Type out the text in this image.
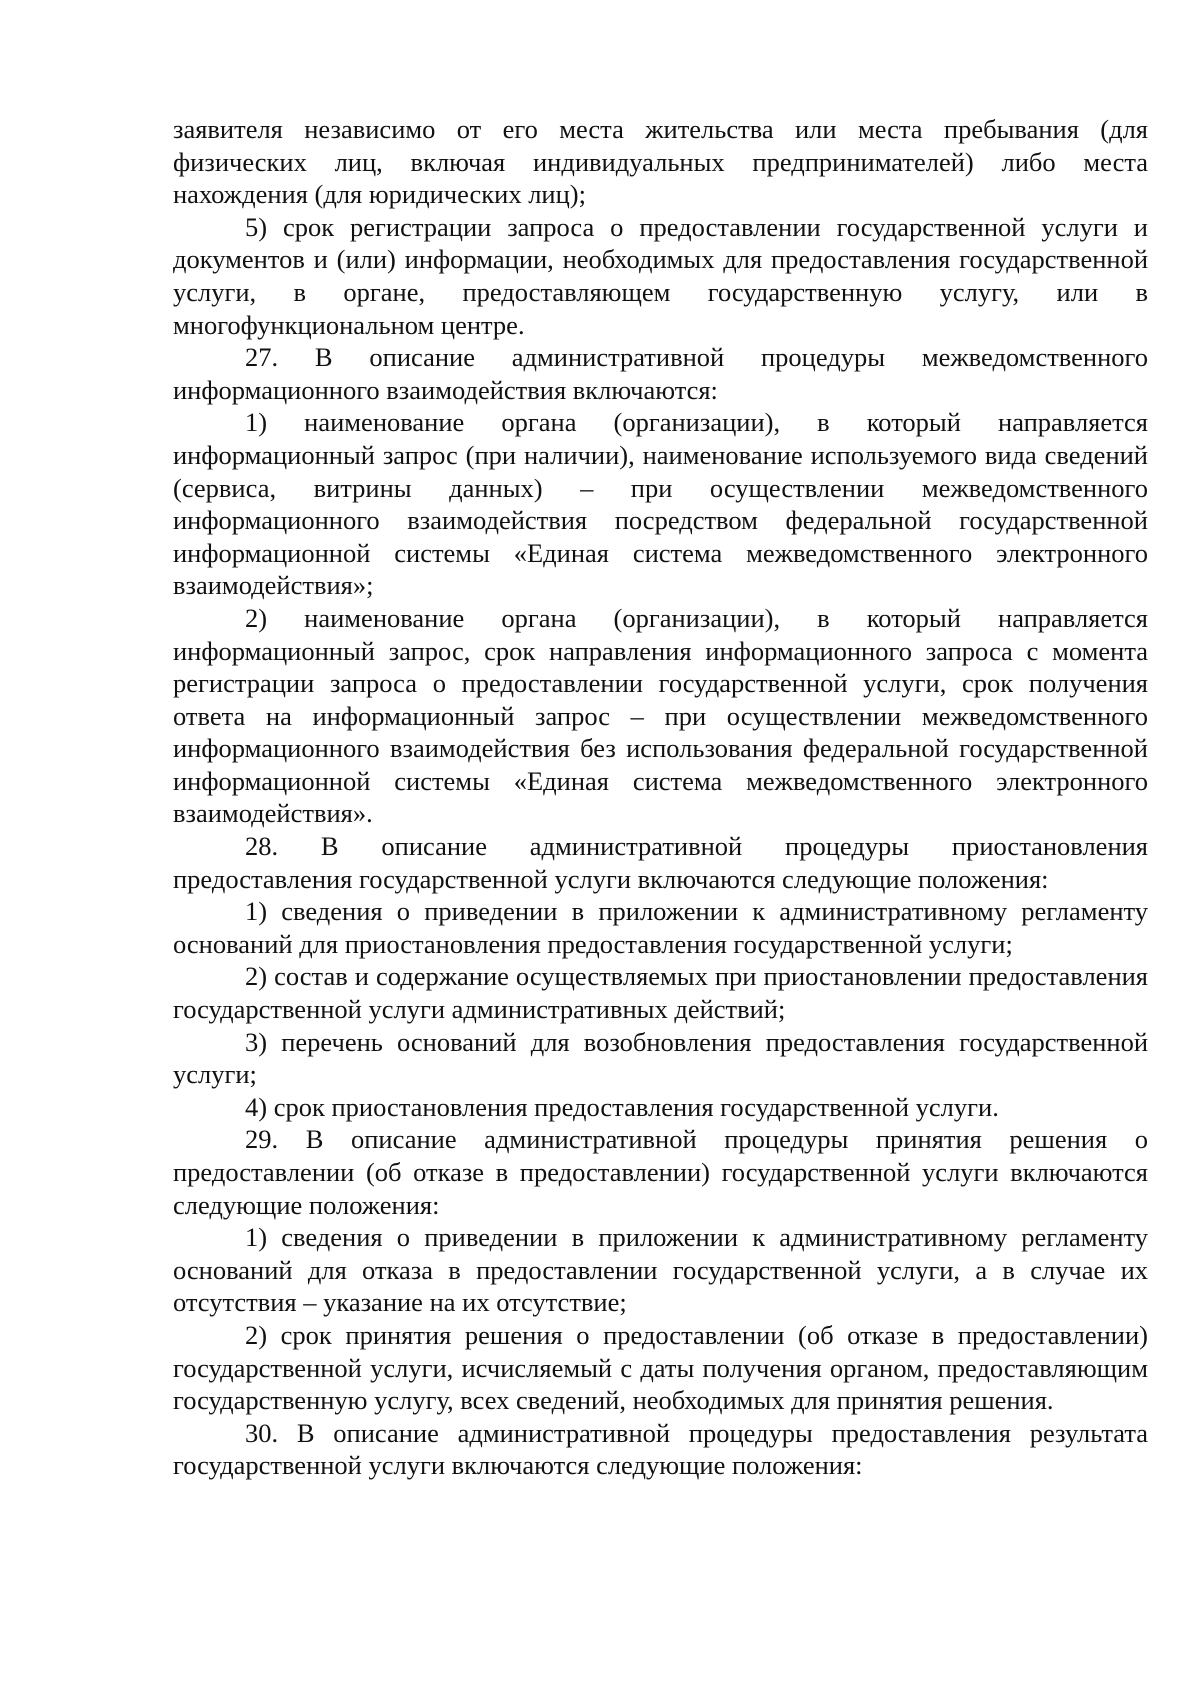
заявителя независимо от его места жительства или места пребывания (для физических лиц, включая индивидуальных предпринимателей) либо места нахождения (для юридических лиц);

5) срок регистрации запроса о предоставлении государственной услуги и документов и (или) информации, необходимых для предоставления государственной услуги, в органе, предоставляющем государственную услугу, или в многофункциональном центре.

27. В описание административной процедуры межведомственного информационного взаимодействия включаются:

1) наименование органа (организации), в который направляется информационный запрос (при наличии), наименование используемого вида сведений (сервиса, витрины данных) – при осуществлении межведомственного информационного взаимодействия посредством федеральной государственной информационной системы «Единая система межведомственного электронного взаимодействия»;

2) наименование органа (организации), в который направляется информационный запрос, срок направления информационного запроса с момента регистрации запроса о предоставлении государственной услуги, срок получения ответа на информационный запрос – при осуществлении межведомственного информационного взаимодействия без использования федеральной государственной информационной системы «Единая система межведомственного электронного взаимодействия».

28. В описание административной процедуры приостановления предоставления государственной услуги включаются следующие положения:

1) сведения о приведении в приложении к административному регламенту оснований для приостановления предоставления государственной услуги;

2) состав и содержание осуществляемых при приостановлении предоставления государственной услуги административных действий;

3) перечень оснований для возобновления предоставления государственной услуги;

4) срок приостановления предоставления государственной услуги.

29. В описание административной процедуры принятия решения о предоставлении (об отказе в предоставлении) государственной услуги включаются следующие положения:

1) сведения о приведении в приложении к административному регламенту оснований для отказа в предоставлении государственной услуги, а в случае их отсутствия – указание на их отсутствие;

2) срок принятия решения о предоставлении (об отказе в предоставлении) государственной услуги, исчисляемый с даты получения органом, предоставляющим государственную услугу, всех сведений, необходимых для принятия решения.

30. В описание административной процедуры предоставления результата государственной услуги включаются следующие положения:
